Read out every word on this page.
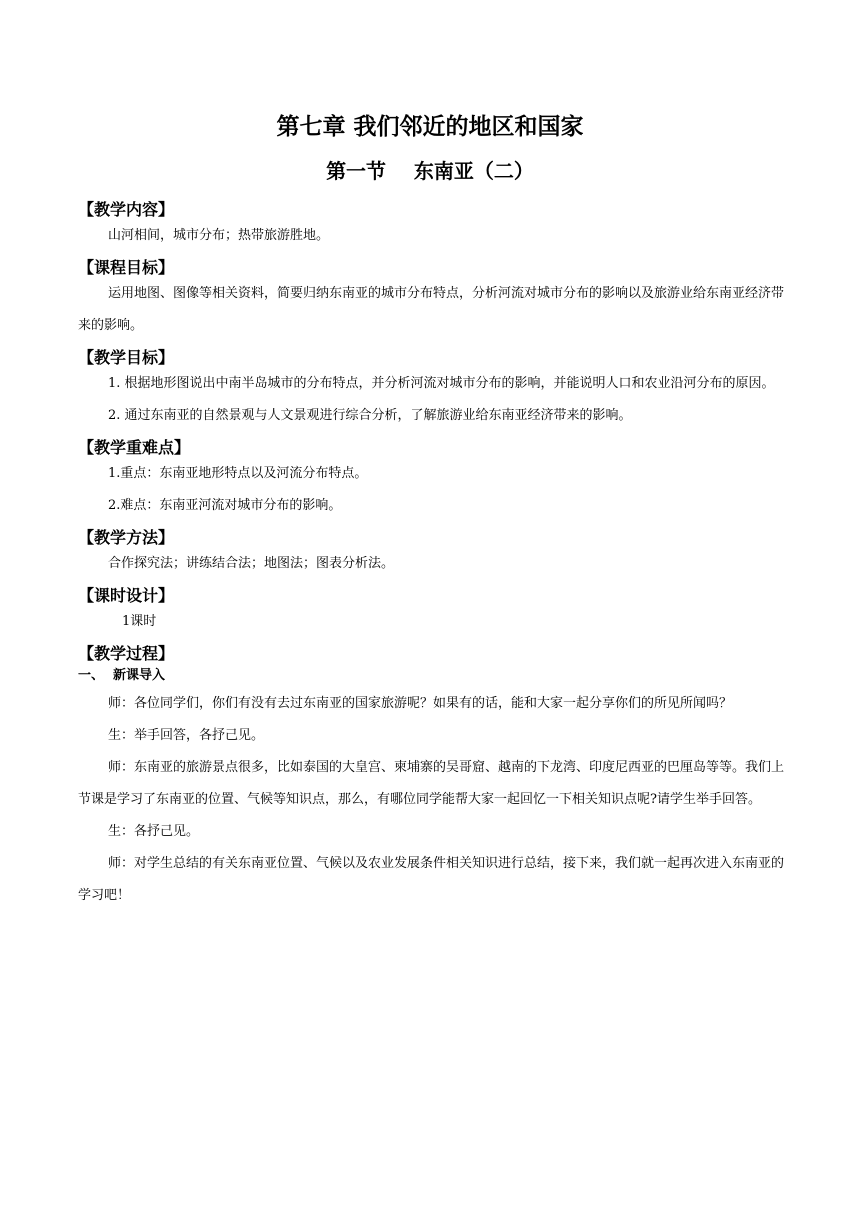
第七章 我们邻近的地区和国家
第一节    东南亚（二）
【教学内容】
山河相间，城市分布；热带旅游胜地。
【课程目标】
运用地图、图像等相关资料，简要归纳东南亚的城市分布特点，分析河流对城市分布的影响以及旅游业给东南亚经济带来的影响。
【教学目标】
1. 根据地形图说出中南半岛城市的分布特点，并分析河流对城市分布的影响，并能说明人口和农业沿河分布的原因。
2. 通过东南亚的自然景观与人文景观进行综合分析，了解旅游业给东南亚经济带来的影响。
【教学重难点】
1.重点：东南亚地形特点以及河流分布特点。
2.难点：东南亚河流对城市分布的影响。
【教学方法】
合作探究法；讲练结合法；地图法；图表分析法。
【课时设计】
1课时
【教学过程】
一、  新课导入
师：各位同学们，你们有没有去过东南亚的国家旅游呢？如果有的话，能和大家一起分享你们的所见所闻吗？
生：举手回答，各抒己见。
师：东南亚的旅游景点很多，比如泰国的大皇宫、柬埔寨的吴哥窟、越南的下龙湾、印度尼西亚的巴厘岛等等。我们上节课是学习了东南亚的位置、气候等知识点，那么，有哪位同学能帮大家一起回忆一下相关知识点呢?请学生举手回答。
生：各抒己见。
师：对学生总结的有关东南亚位置、气候以及农业发展条件相关知识进行总结，接下来，我们就一起再次进入东南亚的学习吧！
